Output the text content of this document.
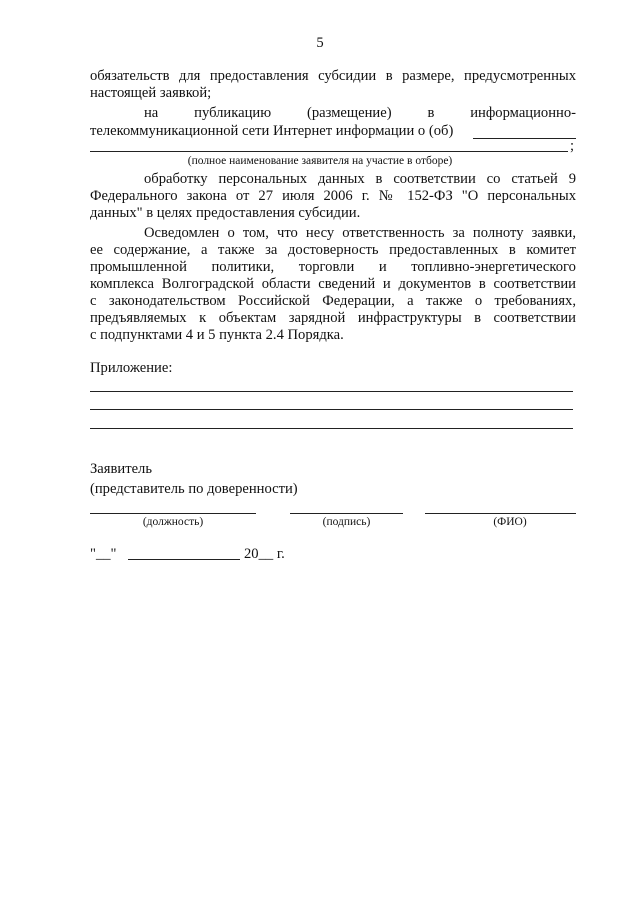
5
обязательств для предоставления субсидии в размере, предусмотренных
настоящей заявкой;
на публикацию (размещение) в информационно-
телекоммуникационной сети Интернет информации о (об)
;
(полное наименование заявителя на участие в отборе)
обработку персональных данных в соответствии со статьей 9
Федерального закона от 27 июля 2006 г. № 152-ФЗ "О персональных
данных" в целях предоставления субсидии.
Осведомлен о том, что несу ответственность за полноту заявки,
ее содержание, а также за достоверность предоставленных в комитет
промышленной политики, торговли и топливно-энергетического
комплекса Волгоградской области сведений и документов в соответствии
с законодательством Российской Федерации, а также о требованиях,
предъявляемых к объектам зарядной инфраструктуры в соответствии
с подпунктами 4 и 5 пункта 2.4 Порядка.
Приложение:
Заявитель
(представитель по доверенности)
(должность)	(подпись)	(ФИО)
"__"	20__ г.
